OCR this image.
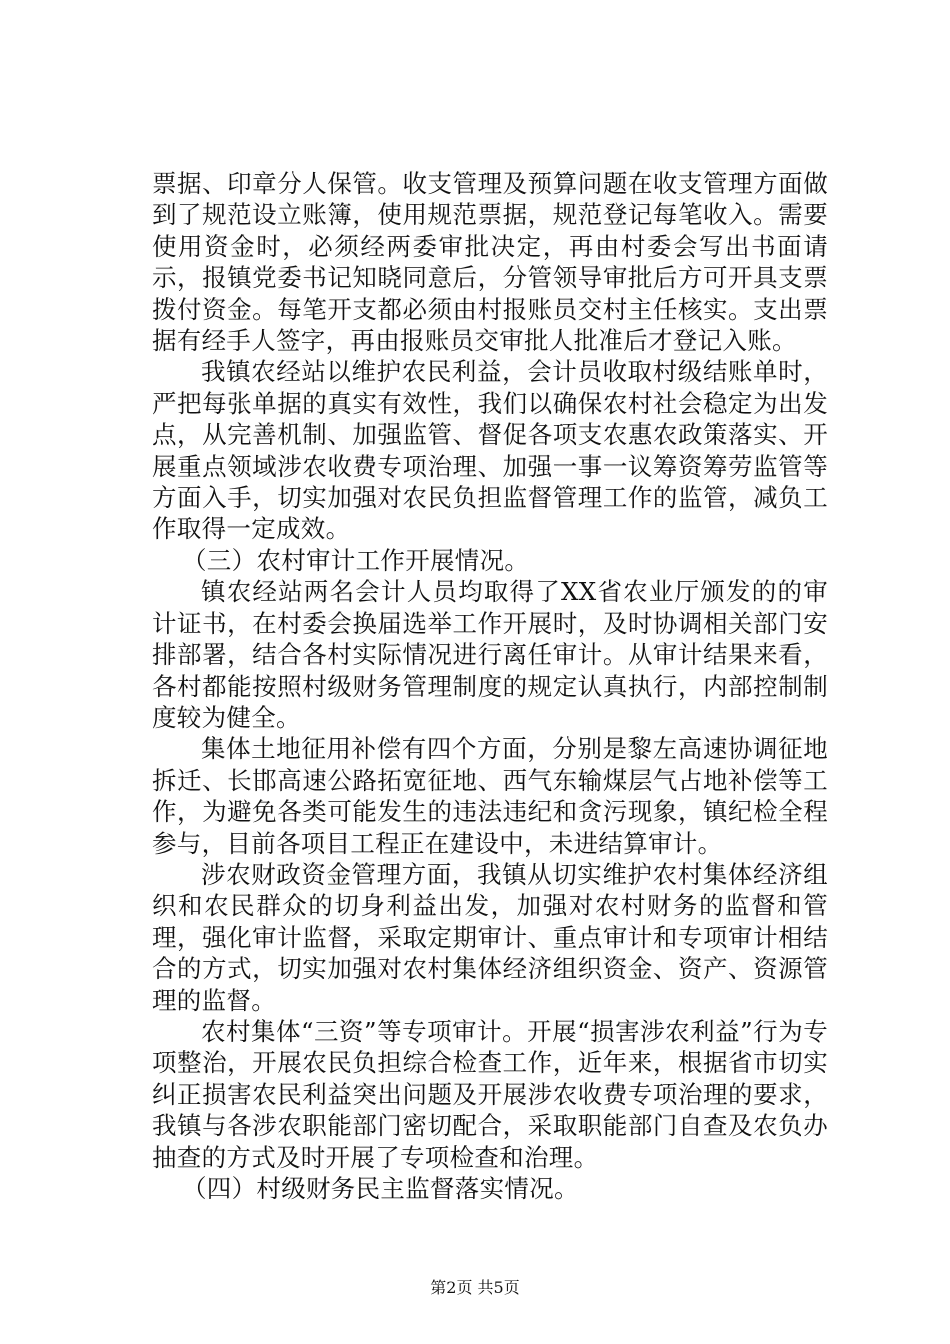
票据、印章分人保管。收支管理及预算问题在收支管理方面做到了规范设立账簿，使用规范票据，规范登记每笔收入。需要使用资金时，必须经两委审批决定，再由村委会写出书面请示，报镇党委书记知晓同意后，分管领导审批后方可开具支票拨付资金。每笔开支都必须由村报账员交村主任核实。支出票据有经手人签字，再由报账员交审批人批准后才登记入账。

我镇农经站以维护农民利益，会计员收取村级结账单时，严把每张单据的真实有效性，我们以确保农村社会稳定为出发点，从完善机制、加强监管、督促各项支农惠农政策落实、开展重点领域涉农收费专项治理、加强一事一议筹资筹劳监管等方面入手，切实加强对农民负担监督管理工作的监管，减负工作取得一定成效。

（三）农村审计工作开展情况。

镇农经站两名会计人员均取得了XX省农业厅颁发的的审计证书，在村委会换届选举工作开展时，及时协调相关部门安排部署，结合各村实际情况进行离任审计。从审计结果来看，各村都能按照村级财务管理制度的规定认真执行，内部控制制度较为健全。

集体土地征用补偿有四个方面，分别是黎左高速协调征地拆迁、长邯高速公路拓宽征地、西气东输煤层气占地补偿等工作，为避免各类可能发生的违法违纪和贪污现象，镇纪检全程参与，目前各项目工程正在建设中，未进结算审计。

涉农财政资金管理方面，我镇从切实维护农村集体经济组织和农民群众的切身利益出发，加强对农村财务的监督和管理，强化审计监督，采取定期审计、重点审计和专项审计相结合的方式，切实加强对农村集体经济组织资金、资产、资源管理的监督。

农村集体“三资”等专项审计。开展“损害涉农利益”行为专项整治，开展农民负担综合检查工作，近年来，根据省市切实纠正损害农民利益突出问题及开展涉农收费专项治理的要求，我镇与各涉农职能部门密切配合，采取职能部门自查及农负办抽查的方式及时开展了专项检查和治理。

（四）村级财务民主监督落实情况。

第2页 共5页
